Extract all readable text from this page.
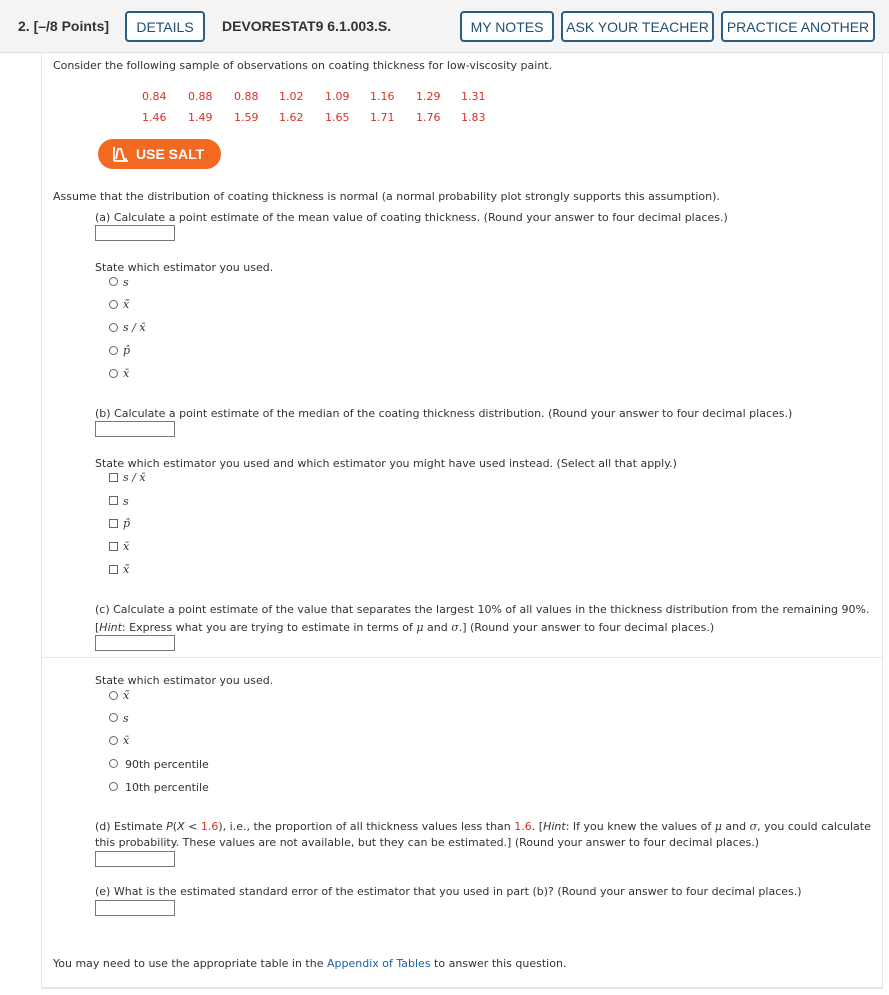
2. [–/8 Points]	DETAILS	DEVORESTAT9 6.1.003.S.	MY NOTES	ASK YOUR TEACHER	PRACTICE ANOTHER
Consider the following sample of observations on coating thickness for low-viscosity paint.
0.84 0.88 0.88 1.02 1.09 1.16 1.29 1.31
1.46 1.49 1.59 1.62 1.65 1.71 1.76 1.83
USE SALT
Assume that the distribution of coating thickness is normal (a normal probability plot strongly supports this assumption).
(a) Calculate a point estimate of the mean value of coating thickness. (Round your answer to four decimal places.)
State which estimator you used.
s
x̃
s / x̄
p̂
x̄
(b) Calculate a point estimate of the median of the coating thickness distribution. (Round your answer to four decimal places.)
State which estimator you used and which estimator you might have used instead. (Select all that apply.)
s / x̄
s
p̂
x̄
x̃
(c) Calculate a point estimate of the value that separates the largest 10% of all values in the thickness distribution from the remaining 90%.
[Hint: Express what you are trying to estimate in terms of μ and σ.] (Round your answer to four decimal places.)
State which estimator you used.
x̃
s
x̄
90th percentile
10th percentile
(d) Estimate P(X < 1.6), i.e., the proportion of all thickness values less than 1.6. [Hint: If you knew the values of μ and σ, you could calculate
this probability. These values are not available, but they can be estimated.] (Round your answer to four decimal places.)
(e) What is the estimated standard error of the estimator that you used in part (b)? (Round your answer to four decimal places.)
You may need to use the appropriate table in the Appendix of Tables to answer this question.
